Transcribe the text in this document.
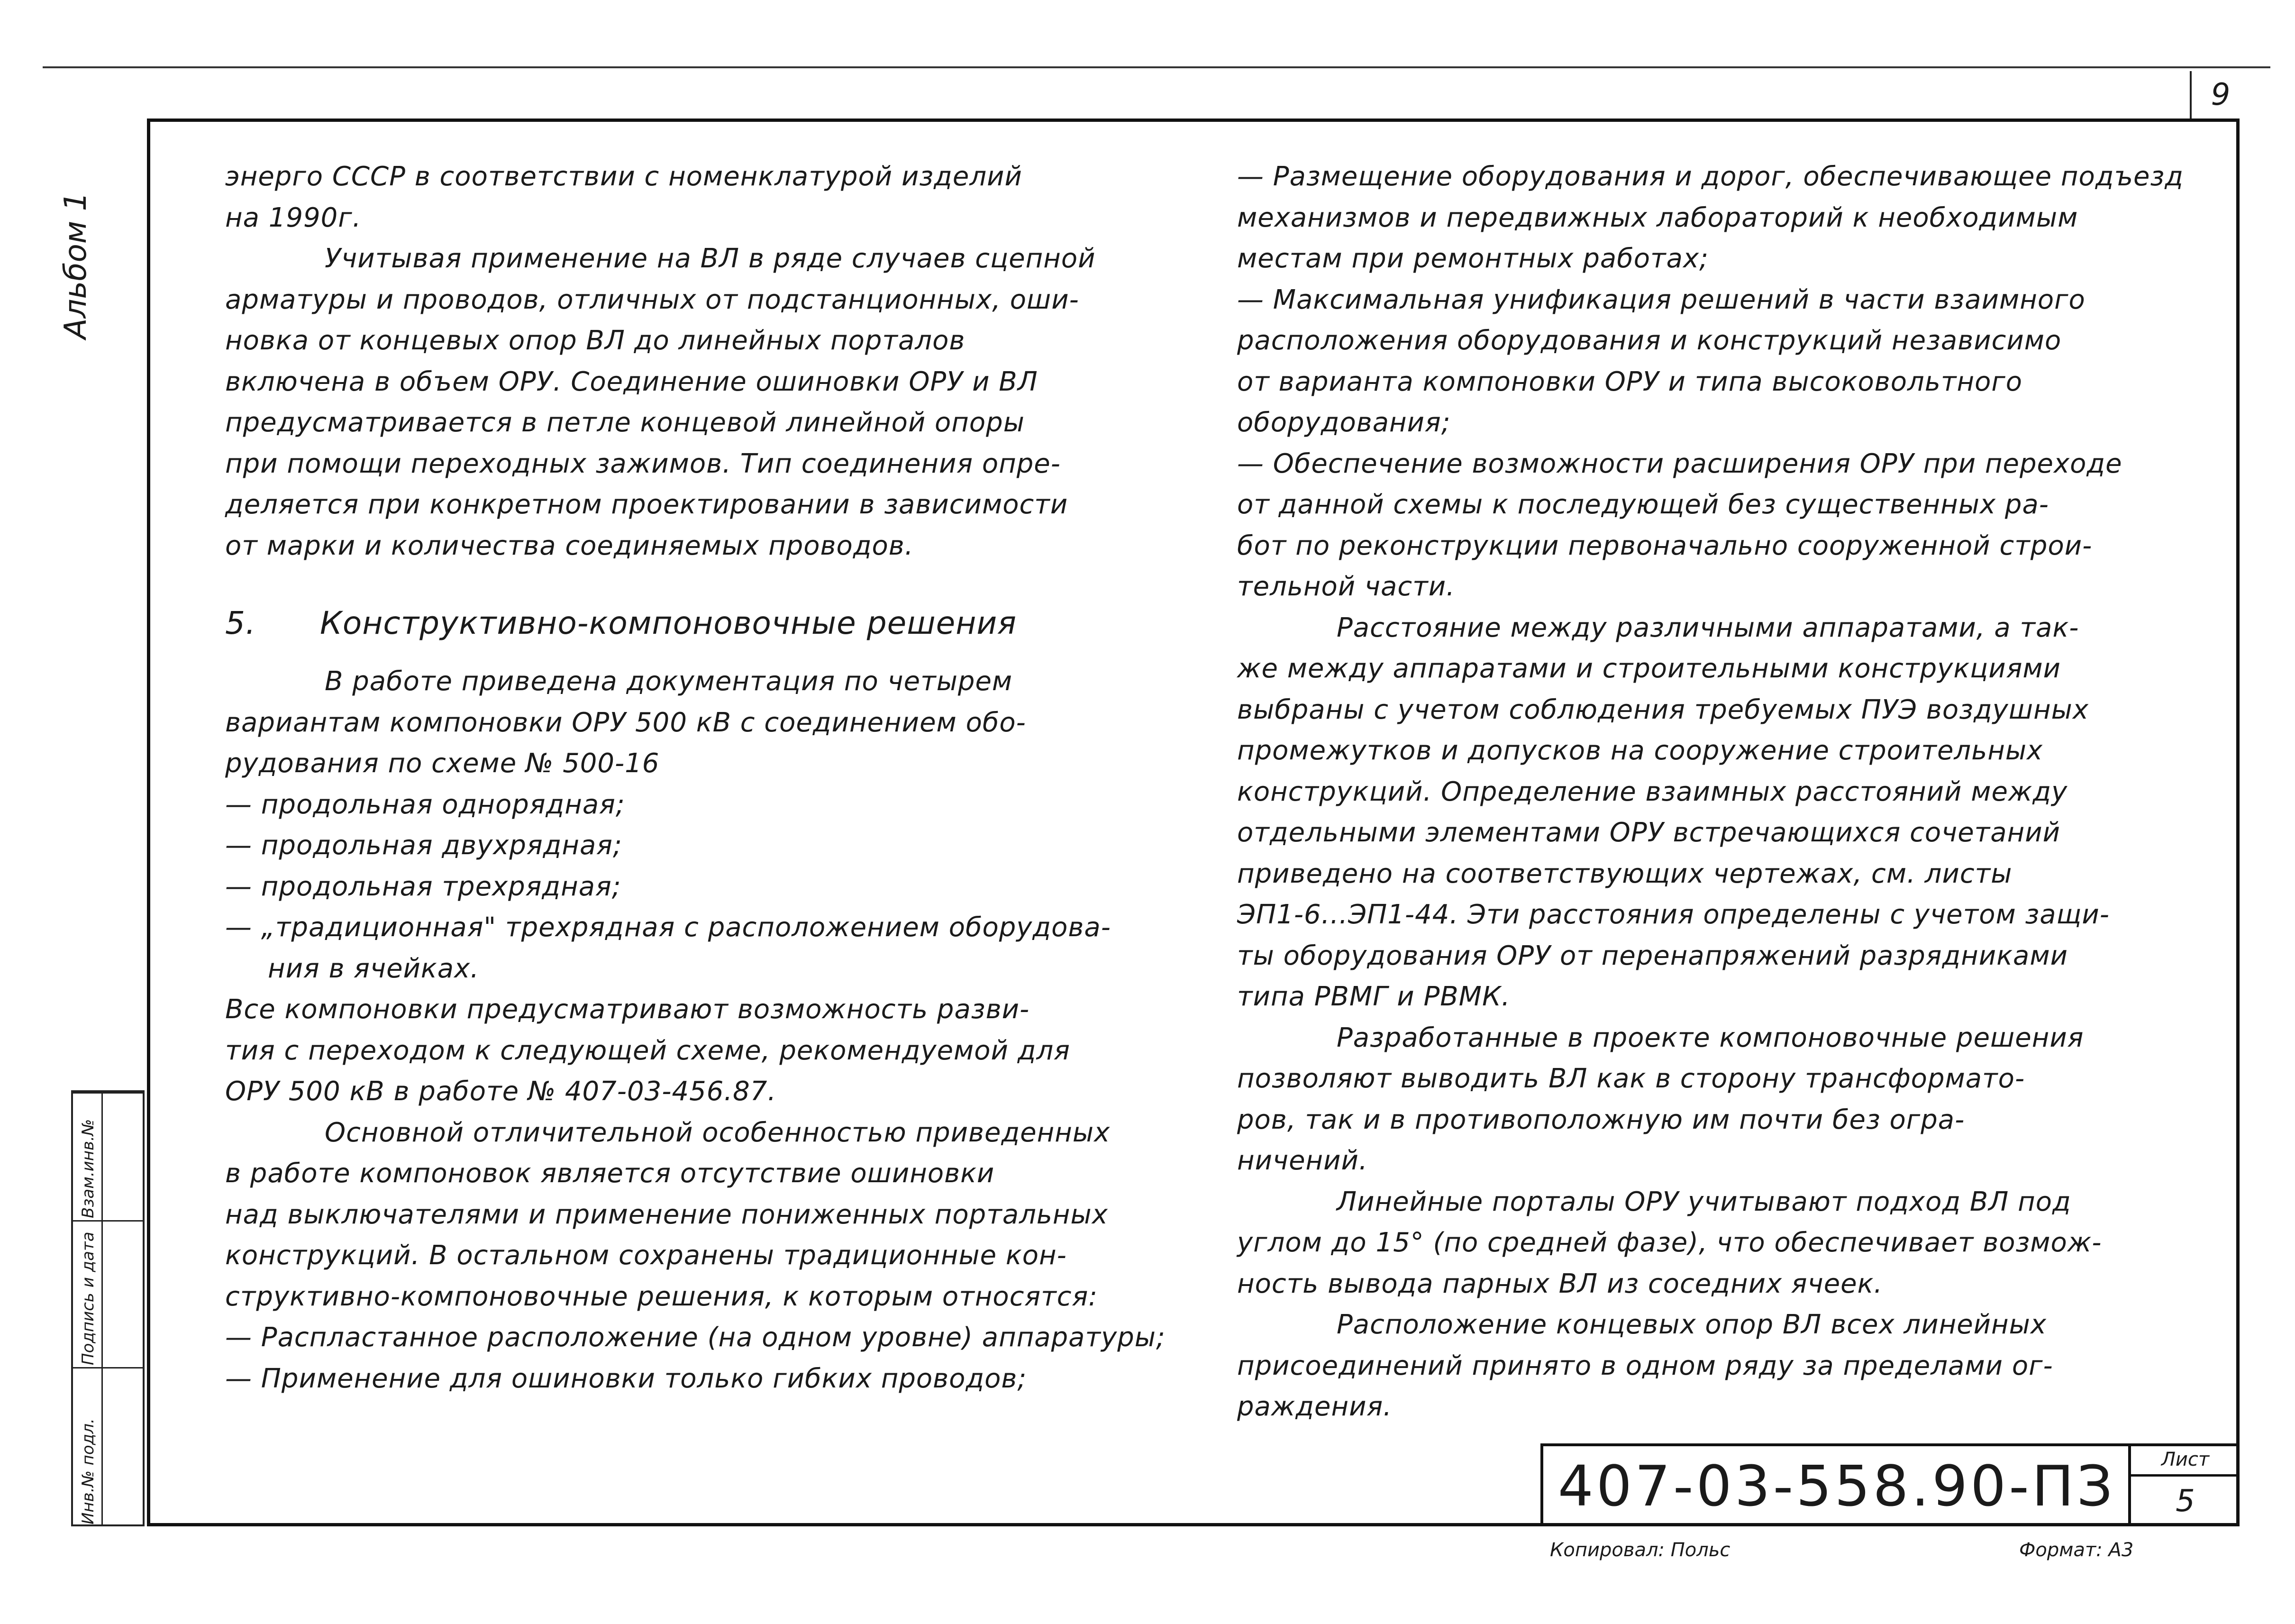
9
Альбом 1
Инв.№ подл.
Подпись и дата
Взам.инв.№
энерго СССР в соответствии с номенклатурой изделий
на 1990г.
Учитывая применение на ВЛ в ряде случаев сцепной
арматуры и проводов, отличных от подстанционных, оши-
новка от концевых опор ВЛ до линейных порталов
включена в объем ОРУ. Соединение ошиновки ОРУ и ВЛ
предусматривается в петле концевой линейной опоры
при помощи переходных зажимов. Тип соединения опре-
деляется при конкретном проектировании в зависимости
от марки и количества соединяемых проводов.
5. Конструктивно-компоновочные решения
В работе приведена документация по четырем
вариантам компоновки ОРУ 500 кВ с соединением обо-
рудования по схеме № 500-16
— продольная однорядная;
— продольная двухрядная;
— продольная трехрядная;
— „традиционная" трехрядная с расположением оборудова-
ния в ячейках.
Все компоновки предусматривают возможность разви-
тия с переходом к следующей схеме, рекомендуемой для
ОРУ 500 кВ в работе № 407-03-456.87.
Основной отличительной особенностью приведенных
в работе компоновок является отсутствие ошиновки
над выключателями и применение пониженных портальных
конструкций. В остальном сохранены традиционные кон-
структивно-компоновочные решения, к которым относятся:
— Распластанное расположение (на одном уровне) аппаратуры;
— Применение для ошиновки только гибких проводов;
— Размещение оборудования и дорог, обеспечивающее подъезд
механизмов и передвижных лабораторий к необходимым
местам при ремонтных работах;
— Максимальная унификация решений в части взаимного
расположения оборудования и конструкций независимо
от варианта компоновки ОРУ и типа высоковольтного
оборудования;
— Обеспечение возможности расширения ОРУ при переходе
от данной схемы к последующей без существенных ра-
бот по реконструкции первоначально сооруженной строи-
тельной части.
Расстояние между различными аппаратами, а так-
же между аппаратами и строительными конструкциями
выбраны с учетом соблюдения требуемых ПУЭ воздушных
промежутков и допусков на сооружение строительных
конструкций. Определение взаимных расстояний между
отдельными элементами ОРУ встречающихся сочетаний
приведено на соответствующих чертежах, см. листы
ЭП1-6...ЭП1-44. Эти расстояния определены с учетом защи-
ты оборудования ОРУ от перенапряжений разрядниками
типа РВМГ и РВМК.
Разработанные в проекте компоновочные решения
позволяют выводить ВЛ как в сторону трансформато-
ров, так и в противоположную им почти без огра-
ничений.
Линейные порталы ОРУ учитывают подход ВЛ под
углом до 15° (по средней фазе), что обеспечивает возмож-
ность вывода парных ВЛ из соседних ячеек.
Расположение концевых опор ВЛ всех линейных
присоединений принято в одном ряду за пределами ог-
раждения.
407-03-558.90-ПЗ	Лист
5
Копировал: Польс	Формат: А3
